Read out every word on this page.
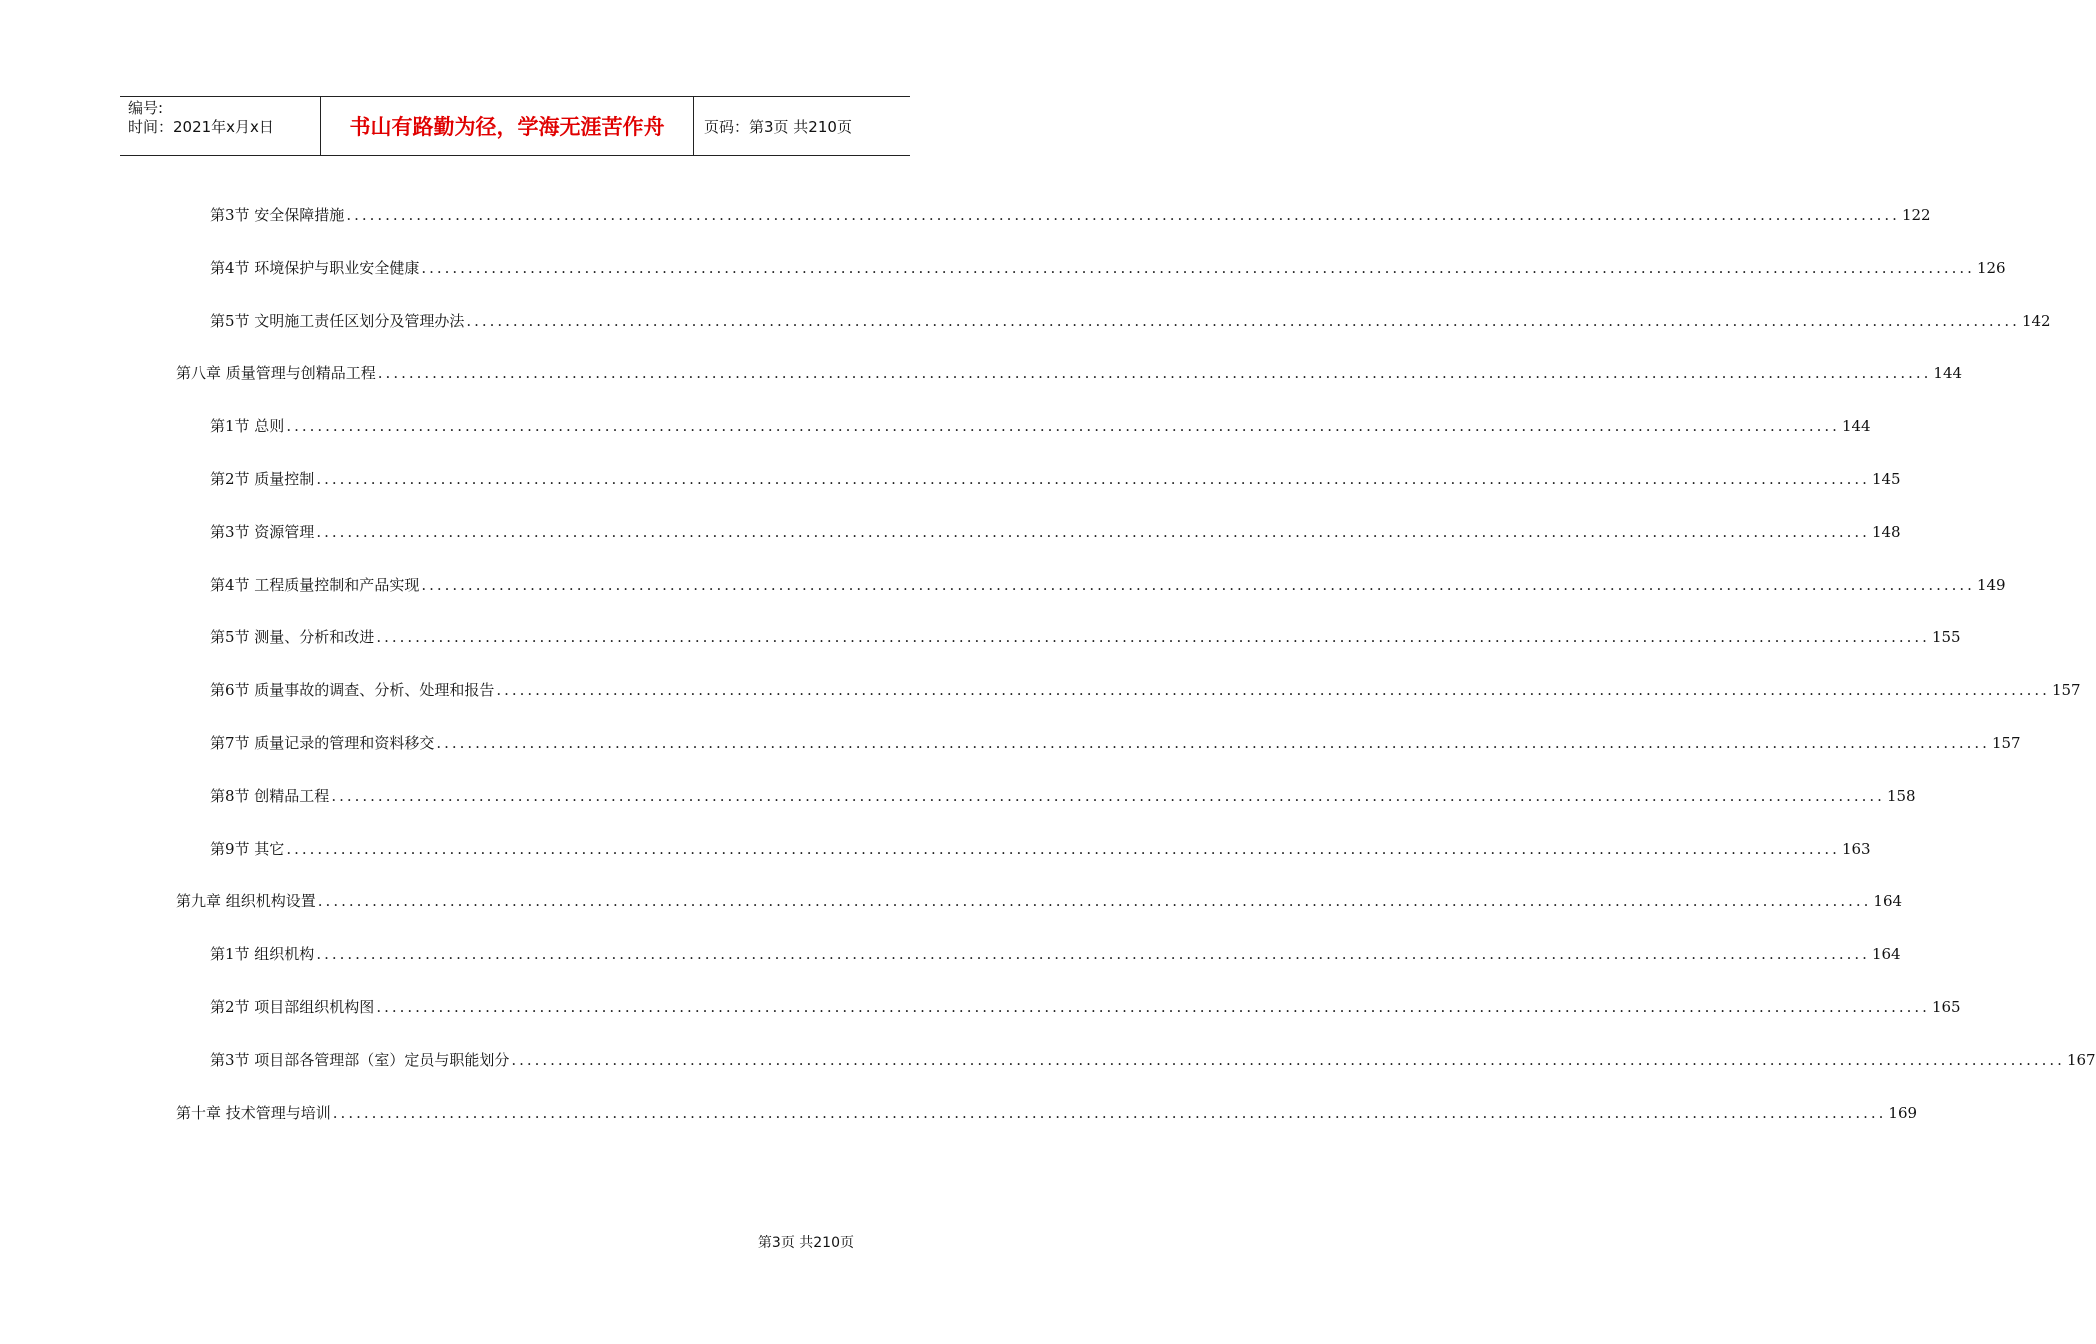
编号:
时间：2021年x月x日	书山有路勤为径，学海无涯苦作舟	页码：第3页 共210页
第3节 安全保障措施 ........................................................................................................................................................................................................ 122
第4节 环境保护与职业安全健康 ........................................................................................................................................................................................................ 126
第5节 文明施工责任区划分及管理办法 ........................................................................................................................................................................................................ 142
第八章 质量管理与创精品工程 ........................................................................................................................................................................................................ 144
第1节 总则 ........................................................................................................................................................................................................ 144
第2节 质量控制 ........................................................................................................................................................................................................ 145
第3节 资源管理 ........................................................................................................................................................................................................ 148
第4节 工程质量控制和产品实现 ........................................................................................................................................................................................................ 149
第5节 测量、分析和改进 ........................................................................................................................................................................................................ 155
第6节 质量事故的调查、分析、处理和报告 ........................................................................................................................................................................................................ 157
第7节 质量记录的管理和资料移交 ........................................................................................................................................................................................................ 157
第8节 创精品工程 ........................................................................................................................................................................................................ 158
第9节 其它 ........................................................................................................................................................................................................ 163
第九章 组织机构设置 ........................................................................................................................................................................................................ 164
第1节 组织机构 ........................................................................................................................................................................................................ 164
第2节 项目部组织机构图 ........................................................................................................................................................................................................ 165
第3节 项目部各管理部（室）定员与职能划分 ........................................................................................................................................................................................................ 167
第十章 技术管理与培训 ........................................................................................................................................................................................................ 169
第3页 共210页
